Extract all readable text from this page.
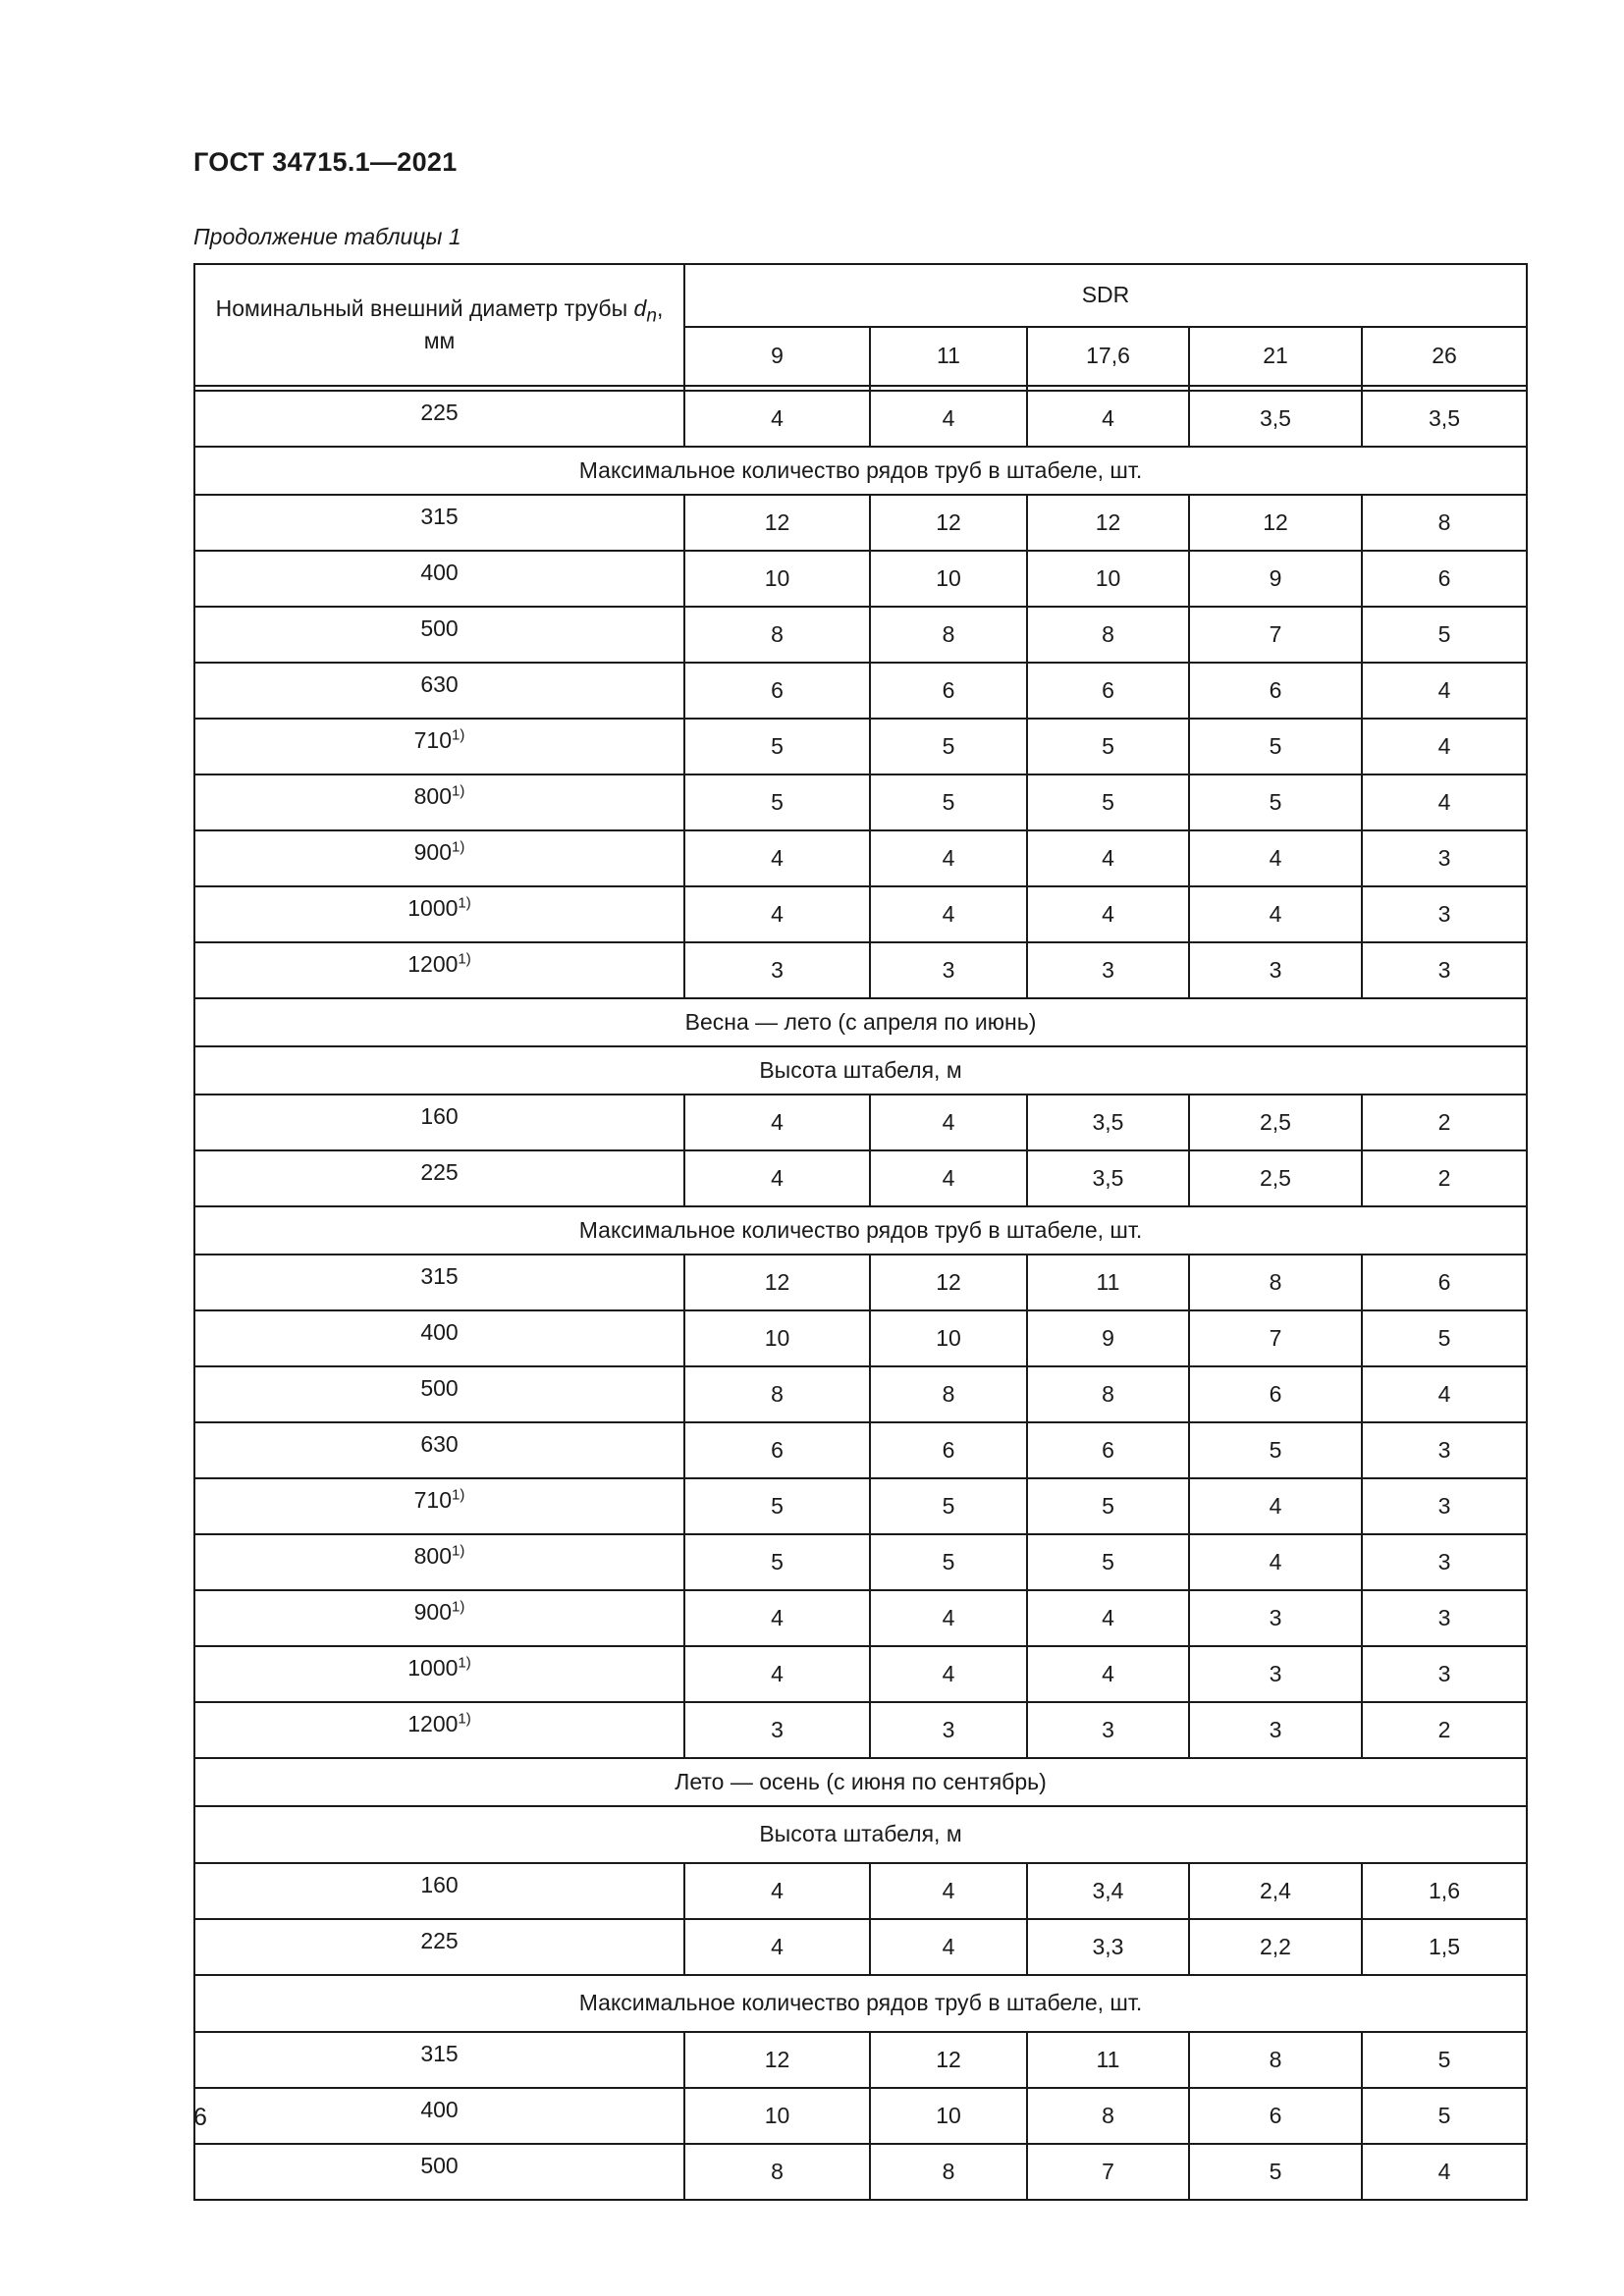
ГОСТ 34715.1—2021
Продолжение таблицы 1
Номинальный внешний диаметр трубы $d_n$,
мм	SDR				
	9	11	17,6	21	26

225	4	4	4	3,5	3,5
Максимальное количество рядов труб в штабеле, шт.					
315	12	12	12	12	8
400	10	10	10	9	6
500	8	8	8	7	5
630	6	6	6	6	4
710$^{1)}$	5	5	5	5	4
800$^{1)}$	5	5	5	5	4
900$^{1)}$	4	4	4	4	3
1000$^{1)}$	4	4	4	4	3
1200$^{1)}$	3	3	3	3	3
Весна — лето (с апреля по июнь)					
Высота штабеля, м					
160	4	4	3,5	2,5	2
225	4	4	3,5	2,5	2
Максимальное количество рядов труб в штабеле, шт.					
315	12	12	11	8	6
400	10	10	9	7	5
500	8	8	8	6	4
630	6	6	6	5	3
710$^{1)}$	5	5	5	4	3
800$^{1)}$	5	5	5	4	3
900$^{1)}$	4	4	4	3	3
1000$^{1)}$	4	4	4	3	3
1200$^{1)}$	3	3	3	3	2
Лето — осень (с июня по сентябрь)					
Высота штабеля, м					
160	4	4	3,4	2,4	1,6
225	4	4	3,3	2,2	1,5
Максимальное количество рядов труб в штабеле, шт.					
315	12	12	11	8	5
400	10	10	8	6	5
500	8	8	7	5	4
6
